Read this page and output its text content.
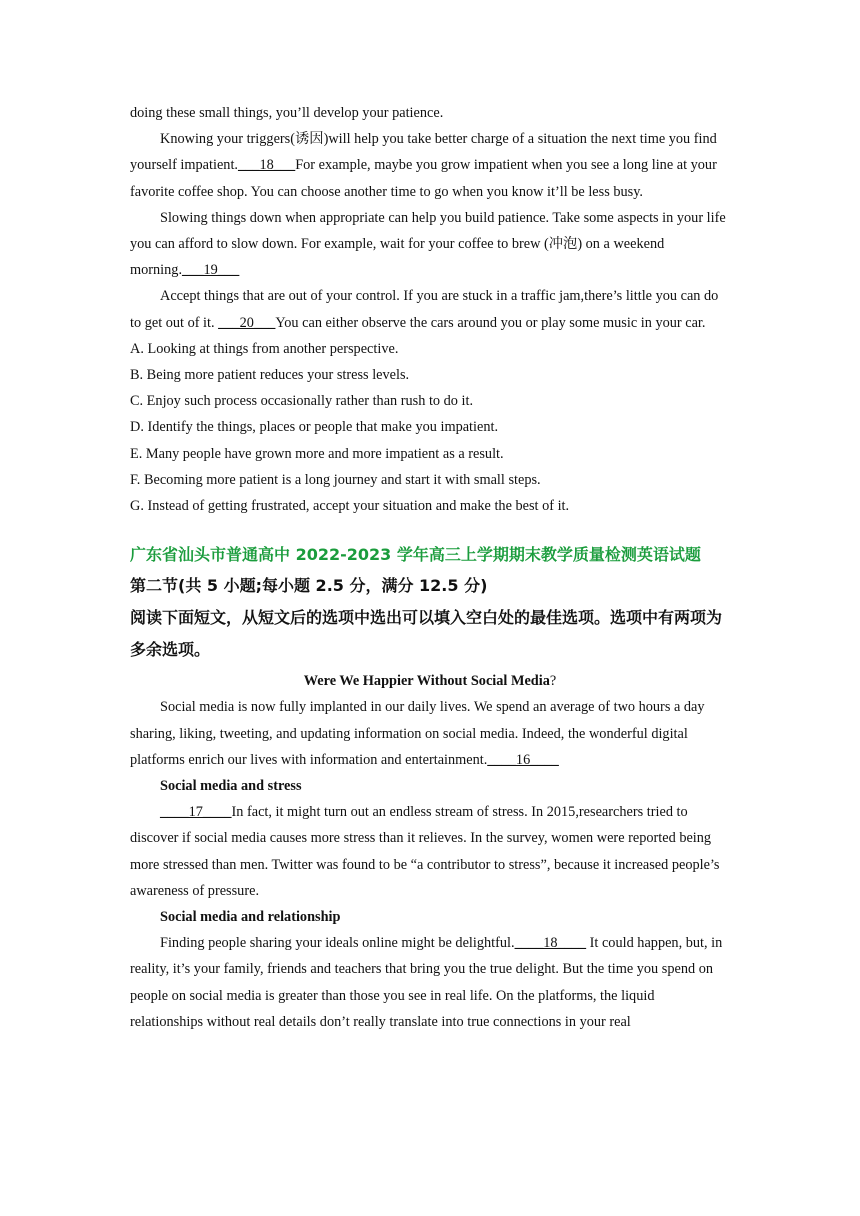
doing these small things, you’ll develop your patience.

Knowing your triggers(诱因)will help you take better charge of a situation the next time you find yourself impatient.___18___For example, maybe you grow impatient when you see a long line at your favorite coffee shop. You can choose another time to go when you know it’ll be less busy.

Slowing things down when appropriate can help you build patience. Take some aspects in your life you can afford to slow down. For example, wait for your coffee to brew (冲泡) on a weekend morning.___19___

Accept things that are out of your control. If you are stuck in a traffic jam,there’s little you can do to get out of it. ___20___You can either observe the cars around you or play some music in your car.

A. Looking at things from another perspective.

B. Being more patient reduces your stress levels.

C. Enjoy such process occasionally rather than rush to do it.

D. Identify the things, places or people that make you impatient.

E. Many people have grown more and more impatient as a result.

F. Becoming more patient is a long journey and start it with small steps.

G. Instead of getting frustrated, accept your situation and make the best of it.

广东省汕头市普通高中 2022-2023 学年高三上学期期末教学质量检测英语试题

第二节(共 5 小题;每小题 2.5 分，满分 12.5 分)

阅读下面短文，从短文后的选项中选出可以填入空白处的最佳选项。选项中有两项为多余选项。

Were We Happier Without Social Media?

Social media is now fully implanted in our daily lives. We spend an average of two hours a day sharing, liking, tweeting, and updating information on social media. Indeed, the wonderful digital platforms enrich our lives with information and entertainment.____16____

Social media and stress

____17____In fact, it might turn out an endless stream of stress. In 2015,researchers tried to discover if social media causes more stress than it relieves. In the survey, women were reported being more stressed than men. Twitter was found to be “a contributor to stress”, because it increased people’s awareness of pressure.

Social media and relationship

Finding people sharing your ideals online might be delightful.____18____ It could happen, but, in reality, it’s your family, friends and teachers that bring you the true delight. But the time you spend on people on social media is greater than those you see in real life. On the platforms, the liquid relationships without real details don’t really translate into true connections in your real
